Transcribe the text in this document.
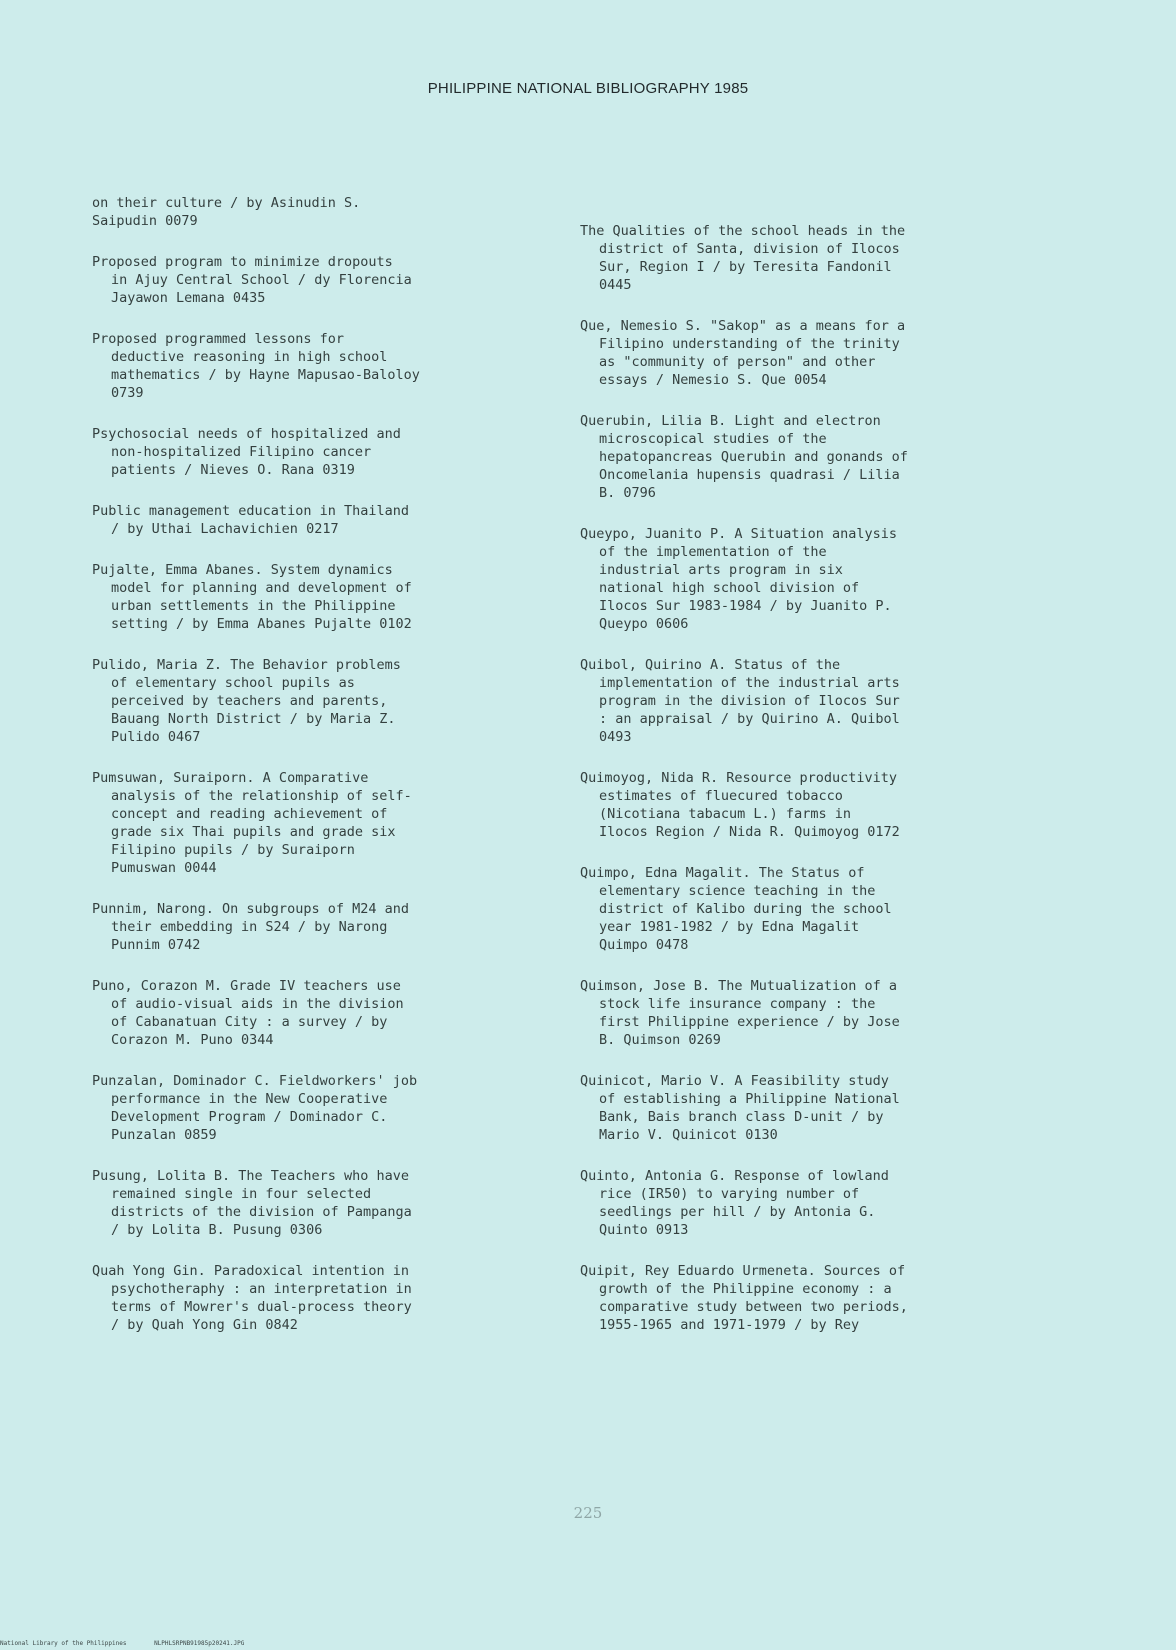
PHILIPPINE NATIONAL BIBLIOGRAPHY 1985

on their culture / by Asinudin S.
Saipudin 0079

Proposed program to minimize dropouts
in Ajuy Central School / dy Florencia
Jayawon Lemana 0435

Proposed programmed lessons for
deductive reasoning in high school
mathematics / by Hayne Mapusao-Baloloy
0739

Psychosocial needs of hospitalized and
non-hospitalized Filipino cancer
patients / Nieves O. Rana 0319

Public management education in Thailand
/ by Uthai Lachavichien 0217

Pujalte, Emma Abanes. System dynamics
model for planning and development of
urban settlements in the Philippine
setting / by Emma Abanes Pujalte 0102

Pulido, Maria Z. The Behavior problems
of elementary school pupils as
perceived by teachers and parents,
Bauang North District / by Maria Z.
Pulido 0467

Pumsuwan, Suraiporn. A Comparative
analysis of the relationship of self-
concept and reading achievement of
grade six Thai pupils and grade six
Filipino pupils / by Suraiporn
Pumuswan 0044

Punnim, Narong. On subgroups of M24 and
their embedding in S24 / by Narong
Punnim 0742

Puno, Corazon M. Grade IV teachers use
of audio-visual aids in the division
of Cabanatuan City : a survey / by
Corazon M. Puno 0344

Punzalan, Dominador C. Fieldworkers' job
performance in the New Cooperative
Development Program / Dominador C.
Punzalan 0859

Pusung, Lolita B. The Teachers who have
remained single in four selected
districts of the division of Pampanga
/ by Lolita B. Pusung 0306

Quah Yong Gin. Paradoxical intention in
psychotheraphy : an interpretation in
terms of Mowrer's dual-process theory
/ by Quah Yong Gin 0842

The Qualities of the school heads in the
district of Santa, division of Ilocos
Sur, Region I / by Teresita Fandonil
0445

Que, Nemesio S. "Sakop" as a means for a
Filipino understanding of the trinity
as "community of person" and other
essays / Nemesio S. Que 0054

Querubin, Lilia B. Light and electron
microscopical studies of the
hepatopancreas Querubin and gonands of
Oncomelania hupensis quadrasi / Lilia
B. 0796

Queypo, Juanito P. A Situation analysis
of the implementation of the
industrial arts program in six
national high school division of
Ilocos Sur 1983-1984 / by Juanito P.
Queypo 0606

Quibol, Quirino A. Status of the
implementation of the industrial arts
program in the division of Ilocos Sur
: an appraisal / by Quirino A. Quibol
0493

Quimoyog, Nida R. Resource productivity
estimates of fluecured tobacco
(Nicotiana tabacum L.) farms in
Ilocos Region / Nida R. Quimoyog 0172

Quimpo, Edna Magalit. The Status of
elementary science teaching in the
district of Kalibo during the school
year 1981-1982 / by Edna Magalit
Quimpo 0478

Quimson, Jose B. The Mutualization of a
stock life insurance company : the
first Philippine experience / by Jose
B. Quimson 0269

Quinicot, Mario V. A Feasibility study
of establishing a Philippine National
Bank, Bais branch class D-unit / by
Mario V. Quinicot 0130

Quinto, Antonia G. Response of lowland
rice (IR50) to varying number of
seedlings per hill / by Antonia G.
Quinto 0913

Quipit, Rey Eduardo Urmeneta. Sources of
growth of the Philippine economy : a
comparative study between two periods,
1955-1965 and 1971-1979 / by Rey

225
National Library of the Philippines	NLPHLSRPNB91985p20241.JPG
